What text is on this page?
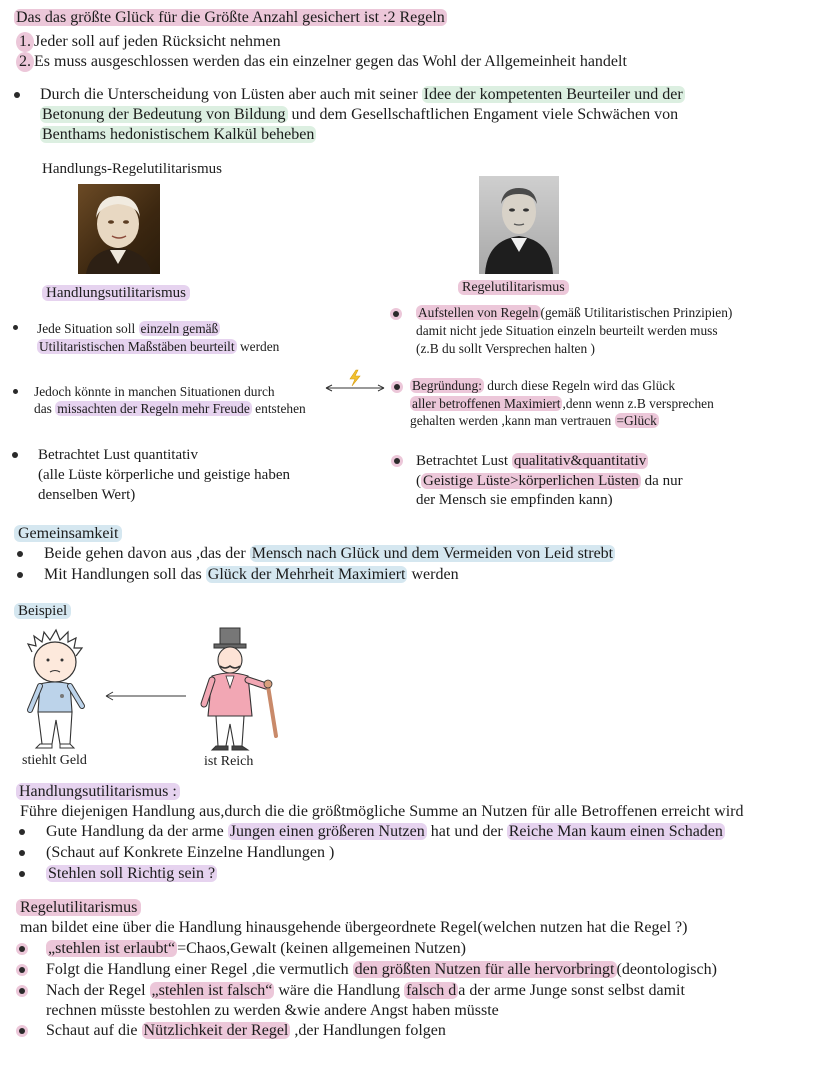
Das das größte Glück für die Größte Anzahl gesichert ist :2 Regeln
1. Jeder soll auf jeden Rücksicht nehmen
2. Es muss ausgeschlossen werden das ein einzelner gegen das Wohl der Allgemeinheit handelt
Durch die Unterscheidung von Lüsten aber auch mit seiner Idee der kompetenten Beurteiler und der
Betonung der Bedeutung von Bildung und dem Gesellschaftlichen Engament viele Schwächen von
Benthams hedonistischem Kalkül beheben
Handlungs-Regelutilitarismus
Handlungsutilitarismus	Regelutilitarismus
Jede Situation soll einzeln gemäß
Utilitaristischen Maßstäben beurteilt werden
Jedoch könnte in manchen Situationen durch
das missachten der Regeln mehr Freude entstehen
Betrachtet Lust quantitativ
(alle Lüste körperliche und geistige haben
denselben Wert)
Aufstellen von Regeln (gemäß Utilitaristischen Prinzipien)
damit nicht jede Situation einzeln beurteilt werden muss
(z.B du sollt Versprechen halten )
Begründung: durch diese Regeln wird das Glück
aller betroffenen Maximiert ,denn wenn z.B versprechen
gehalten werden ,kann man vertrauen =Glück
Betrachtet Lust qualitativ&quantitativ
( Geistige Lüste>körperlichen Lüsten da nur
der Mensch sie empfinden kann)
Gemeinsamkeit
Beide gehen davon aus ,das der Mensch nach Glück und dem Vermeiden von Leid strebt
Mit Handlungen soll das Glück der Mehrheit Maximiert werden
Beispiel
stiehlt Geld	ist Reich
Handlungsutilitarismus :
Führe diejenigen Handlung aus,durch die die größtmögliche Summe an Nutzen für alle Betroffenen erreicht wird
Gute Handlung da der arme Jungen einen größeren Nutzen hat und der Reiche Man kaum einen Schaden
(Schaut auf Konkrete Einzelne Handlungen )
Stehlen soll Richtig sein ?
Regelutilitarismus
man bildet eine über die Handlung hinausgehende übergeordnete Regel(welchen nutzen hat die Regel ?)
„stehlen ist erlaubt“ =Chaos,Gewalt (keinen allgemeinen Nutzen)
Folgt die Handlung einer Regel ,die vermutlich den größten Nutzen für alle hervorbringt (deontologisch)
Nach der Regel „stehlen ist falsch“ wäre die Handlung falsch d a der arme Junge sonst selbst damit
rechnen müsste bestohlen zu werden &wie andere Angst haben müsste
Schaut auf die Nützlichkeit der Regel ,der Handlungen folgen
